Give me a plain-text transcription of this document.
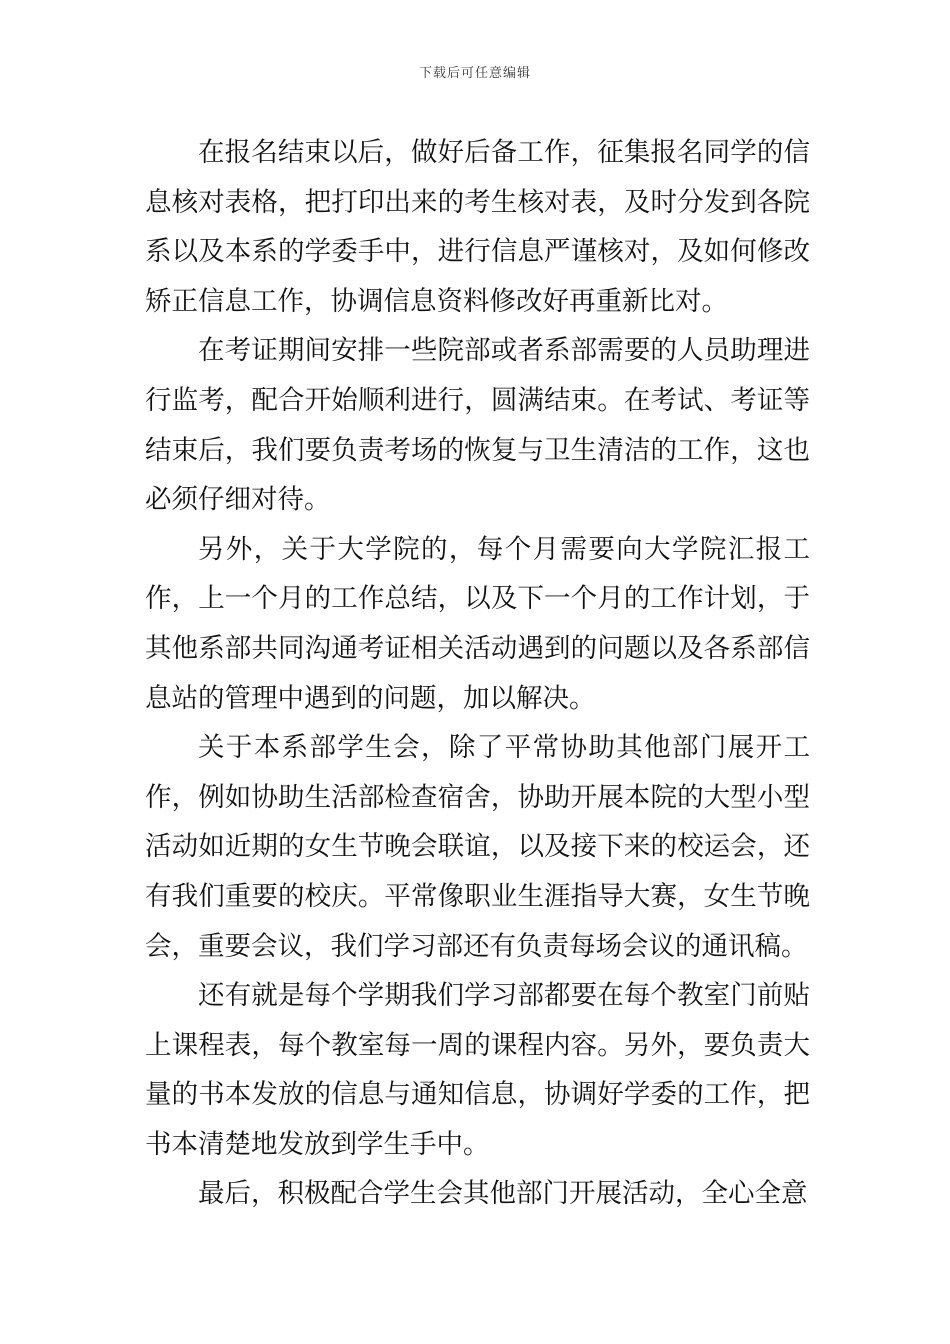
下载后可任意编辑

在报名结束以后，做好后备工作，征集报名同学的信息核对表格，把打印出来的考生核对表，及时分发到各院系以及本系的学委手中，进行信息严谨核对，及如何修改矫正信息工作，协调信息资料修改好再重新比对。

在考证期间安排一些院部或者系部需要的人员助理进行监考，配合开始顺利进行，圆满结束。在考试、考证等结束后，我们要负责考场的恢复与卫生清洁的工作，这也必须仔细对待。

另外，关于大学院的，每个月需要向大学院汇报工作，上一个月的工作总结，以及下一个月的工作计划，于其他系部共同沟通考证相关活动遇到的问题以及各系部信息站的管理中遇到的问题，加以解决。

关于本系部学生会，除了平常协助其他部门展开工作，例如协助生活部检查宿舍，协助开展本院的大型小型活动如近期的女生节晚会联谊，以及接下来的校运会，还有我们重要的校庆。平常像职业生涯指导大赛，女生节晚会，重要会议，我们学习部还有负责每场会议的通讯稿。

还有就是每个学期我们学习部都要在每个教室门前贴上课程表，每个教室每一周的课程内容。另外，要负责大量的书本发放的信息与通知信息，协调好学委的工作，把书本清楚地发放到学生手中。

最后，积极配合学生会其他部门开展活动，全心全意
